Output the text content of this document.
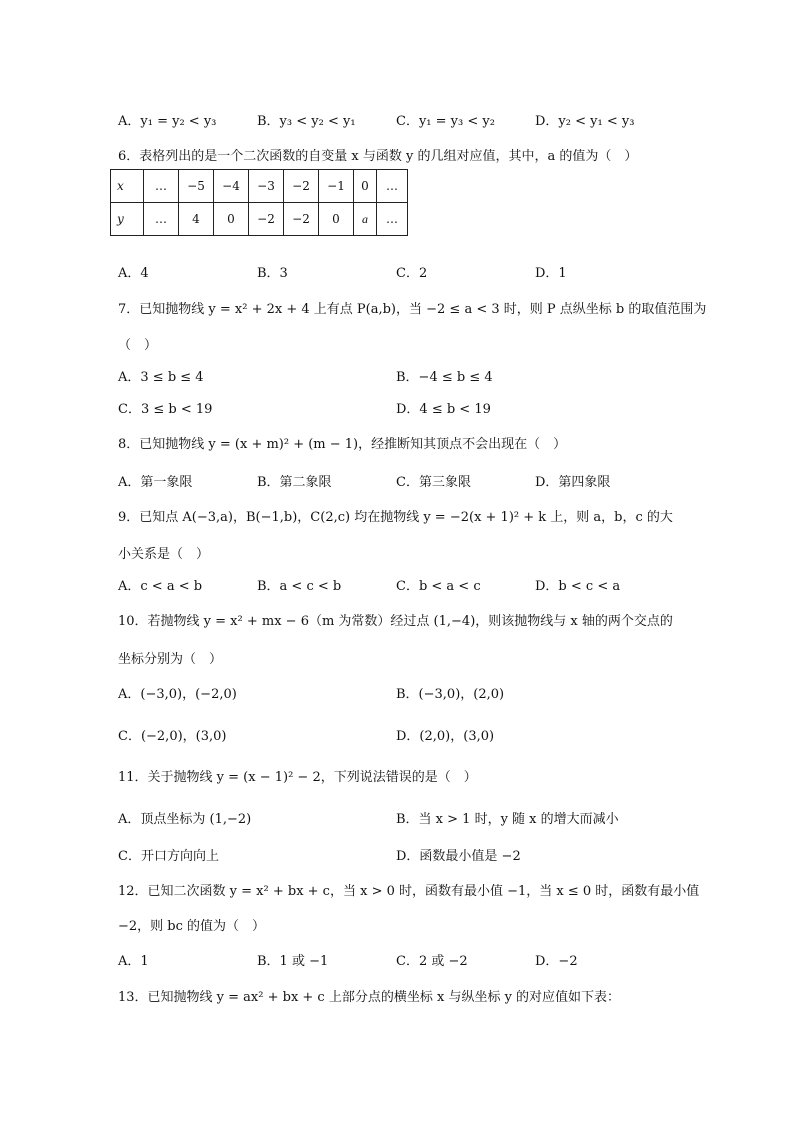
A．y₁ = y₂ < y₃	B．y₃ < y₂ < y₁	C．y₁ = y₃ < y₂	D．y₂ < y₁ < y₃
6．表格列出的是一个二次函数的自变量 x 与函数 y 的几组对应值，其中，a 的值为（　）
x	…	−5	−4	−3	−2	−1	0	…
y	…	4	0	−2	−2	0	a	…
A．4	B．3	C．2	D．1
7．已知抛物线 y = x² + 2x + 4 上有点 P(a,b)，当 −2 ≤ a < 3 时，则 P 点纵坐标 b 的取值范围为
（　）
A．3 ≤ b ≤ 4	B．−4 ≤ b ≤ 4
C．3 ≤ b < 19	D．4 ≤ b < 19
8．已知抛物线 y = (x + m)² + (m − 1)，经推断知其顶点不会出现在（　）
A．第一象限	B．第二象限	C．第三象限	D．第四象限
9．已知点 A(−3,a)，B(−1,b)，C(2,c) 均在抛物线 y = −2(x + 1)² + k 上，则 a，b，c 的大
小关系是（　）
A．c < a < b	B．a < c < b	C．b < a < c	D．b < c < a
10．若抛物线 y = x² + mx − 6（m 为常数）经过点 (1,−4)，则该抛物线与 x 轴的两个交点的
坐标分别为（　）
A．(−3,0)，(−2,0)	B．(−3,0)，(2,0)
C．(−2,0)，(3,0)	D．(2,0)，(3,0)
11．关于抛物线 y = (x − 1)² − 2，下列说法错误的是（　）
A．顶点坐标为 (1,−2)	B．当 x > 1 时，y 随 x 的增大而减小
C．开口方向向上	D．函数最小值是 −2
12．已知二次函数 y = x² + bx + c，当 x > 0 时，函数有最小值 −1，当 x ≤ 0 时，函数有最小值
−2，则 bc 的值为（　）
A．1	B．1 或 −1	C．2 或 −2	D．−2
13．已知抛物线 y = ax² + bx + c 上部分点的横坐标 x 与纵坐标 y 的对应值如下表：
